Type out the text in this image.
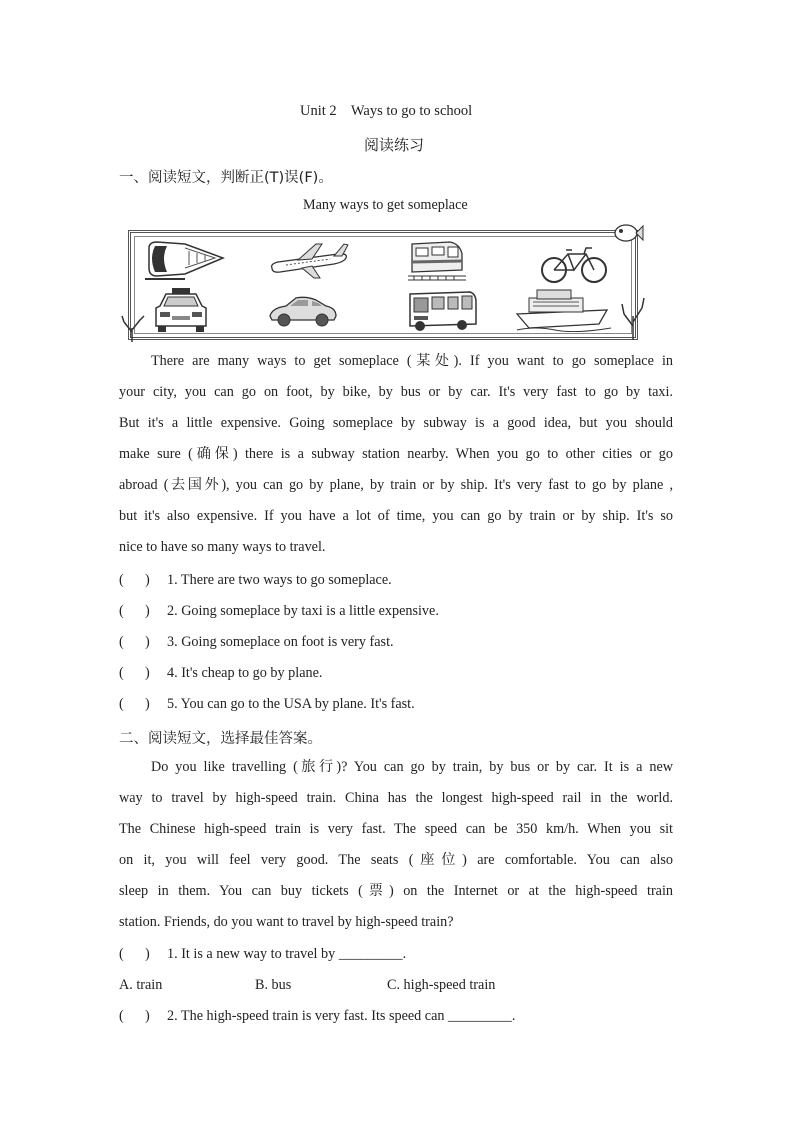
Unit 2    Ways to go to school
阅读练习
一、阅读短文，判断正(T)误(F)。
Many ways to get someplace
There are many ways to get someplace (某处). If you want to go someplace in
your city, you can go on foot, by bike, by bus or by car. It's very fast to go by taxi.
But it's a little expensive. Going someplace by subway is a good idea, but you should
make sure (确保) there is a subway station nearby. When you go to other cities or go
abroad (去国外), you can go by plane, by train or by ship. It's very fast to go by plane ,
but it's also expensive. If you have a lot of time, you can go by train or by ship. It's so
nice to have so many ways to travel.
(      ) 1. There are two ways to go someplace.
(      ) 2. Going someplace by taxi is a little expensive.
(      ) 3. Going someplace on foot is very fast.
(      ) 4. It's cheap to go by plane.
(      ) 5. You can go to the USA by plane. It's fast.
二、阅读短文，选择最佳答案。
Do you like travelling (旅行)? You can go by train, by bus or by car. It is a new
way to travel by high-speed train. China has the longest high-speed rail in the world.
The Chinese high-speed train is very fast. The speed can be 350 km/h. When you sit
on it, you will feel very good. The seats (座位) are comfortable. You can also
sleep in them. You can buy tickets (票) on the Internet or at the high-speed train
station. Friends, do you want to travel by high-speed train?
(      ) 1. It is a new way to travel by _________.
A. train	B. bus	C. high-speed train
(      ) 2. The high-speed train is very fast. Its speed can _________.
